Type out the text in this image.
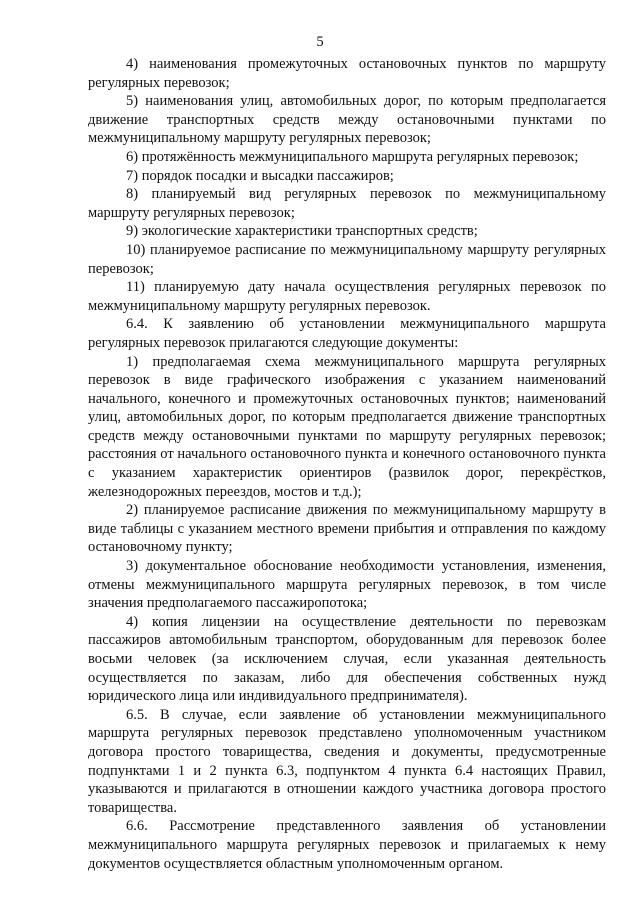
5

4) наименования промежуточных остановочных пунктов по маршруту регулярных перевозок;

5) наименования улиц, автомобильных дорог, по которым предполагается движение транспортных средств между остановочными пунктами по межмуниципальному маршруту регулярных перевозок;

6) протяжённость межмуниципального маршрута регулярных перевозок;

7) порядок посадки и высадки пассажиров;

8) планируемый вид регулярных перевозок по межмуниципальному маршруту регулярных перевозок;

9) экологические характеристики транспортных средств;

10) планируемое расписание по межмуниципальному маршруту регулярных перевозок;

11) планируемую дату начала осуществления регулярных перевозок по межмуниципальному маршруту регулярных перевозок.

6.4. К заявлению об установлении межмуниципального маршрута регулярных перевозок прилагаются следующие документы:

1) предполагаемая схема межмуниципального маршрута регулярных перевозок в виде графического изображения с указанием наименований начального, конечного и промежуточных остановочных пунктов; наименований улиц, автомобильных дорог, по которым предполагается движение транспортных средств между остановочными пунктами по маршруту регулярных перевозок; расстояния от начального остановочного пункта и конечного остановочного пункта с указанием характеристик ориентиров (развилок дорог, перекрёстков, железнодорожных переездов, мостов и т.д.);

2) планируемое расписание движения по межмуниципальному маршруту в виде таблицы с указанием местного времени прибытия и отправления по каждому остановочному пункту;

3) документальное обоснование необходимости установления, изменения, отмены межмуниципального маршрута регулярных перевозок, в том числе значения предполагаемого пассажиропотока;

4) копия лицензии на осуществление деятельности по перевозкам пассажиров автомобильным транспортом, оборудованным для перевозок более восьми человек (за исключением случая, если указанная деятельность осуществляется по заказам, либо для обеспечения собственных нужд юридического лица или индивидуального предпринимателя).

6.5. В случае, если заявление об установлении межмуниципального маршрута регулярных перевозок представлено уполномоченным участником договора простого товарищества, сведения и документы, предусмотренные подпунктами 1 и 2 пункта 6.3, подпунктом 4 пункта 6.4 настоящих Правил, указываются и прилагаются в отношении каждого участника договора простого товарищества.

6.6. Рассмотрение представленного заявления об установлении межмуниципального маршрута регулярных перевозок и прилагаемых к нему документов осуществляется областным уполномоченным органом.
